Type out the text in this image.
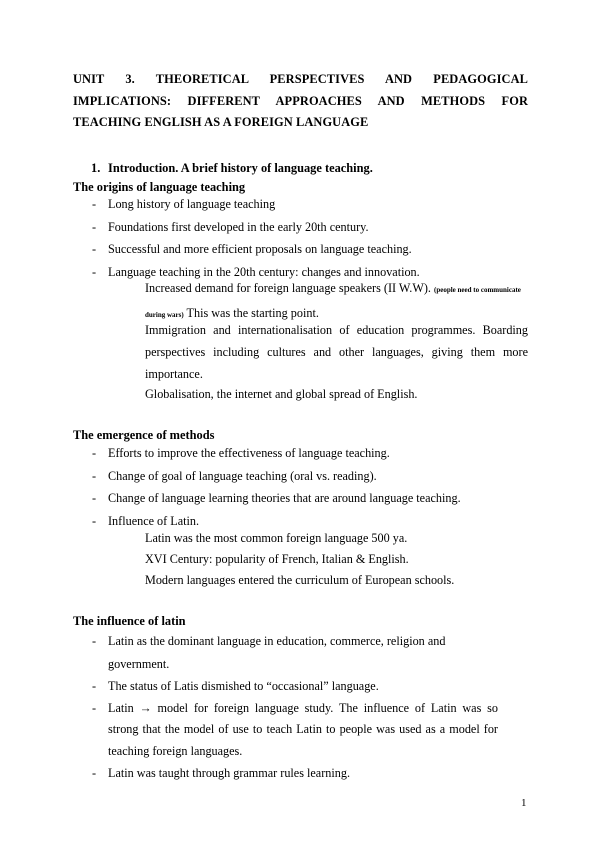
UNIT 3. THEORETICAL PERSPECTIVES AND PEDAGOGICAL IMPLICATIONS: DIFFERENT APPROACHES AND METHODS FOR TEACHING ENGLISH AS A FOREIGN LANGUAGE
1. Introduction. A brief history of language teaching.
The origins of language teaching
- Long history of language teaching
- Foundations first developed in the early 20th century.
- Successful and more efficient proposals on language teaching.
- Language teaching in the 20th century: changes and innovation.
Increased demand for foreign language speakers (II W.W). (people need to communicate
during wars) This was the starting point.
Immigration and internationalisation of education programmes. Boarding perspectives including cultures and other languages, giving them more importance.
Globalisation, the internet and global spread of English.
The emergence of methods
- Efforts to improve the effectiveness of language teaching.
- Change of goal of language teaching (oral vs. reading).
- Change of language learning theories that are around language teaching.
- Influence of Latin.
Latin was the most common foreign language 500 ya.
XVI Century: popularity of French, Italian & English.
Modern languages entered the curriculum of European schools.
The influence of latin
- Latin as the dominant language in education, commerce, religion and government.
- The status of Latis dismished to “occasional” language.
- Latin → model for foreign language study. The influence of Latin was so strong that the model of use to teach Latin to people was used as a model for teaching foreign languages.
- Latin was taught through grammar rules learning.
1
